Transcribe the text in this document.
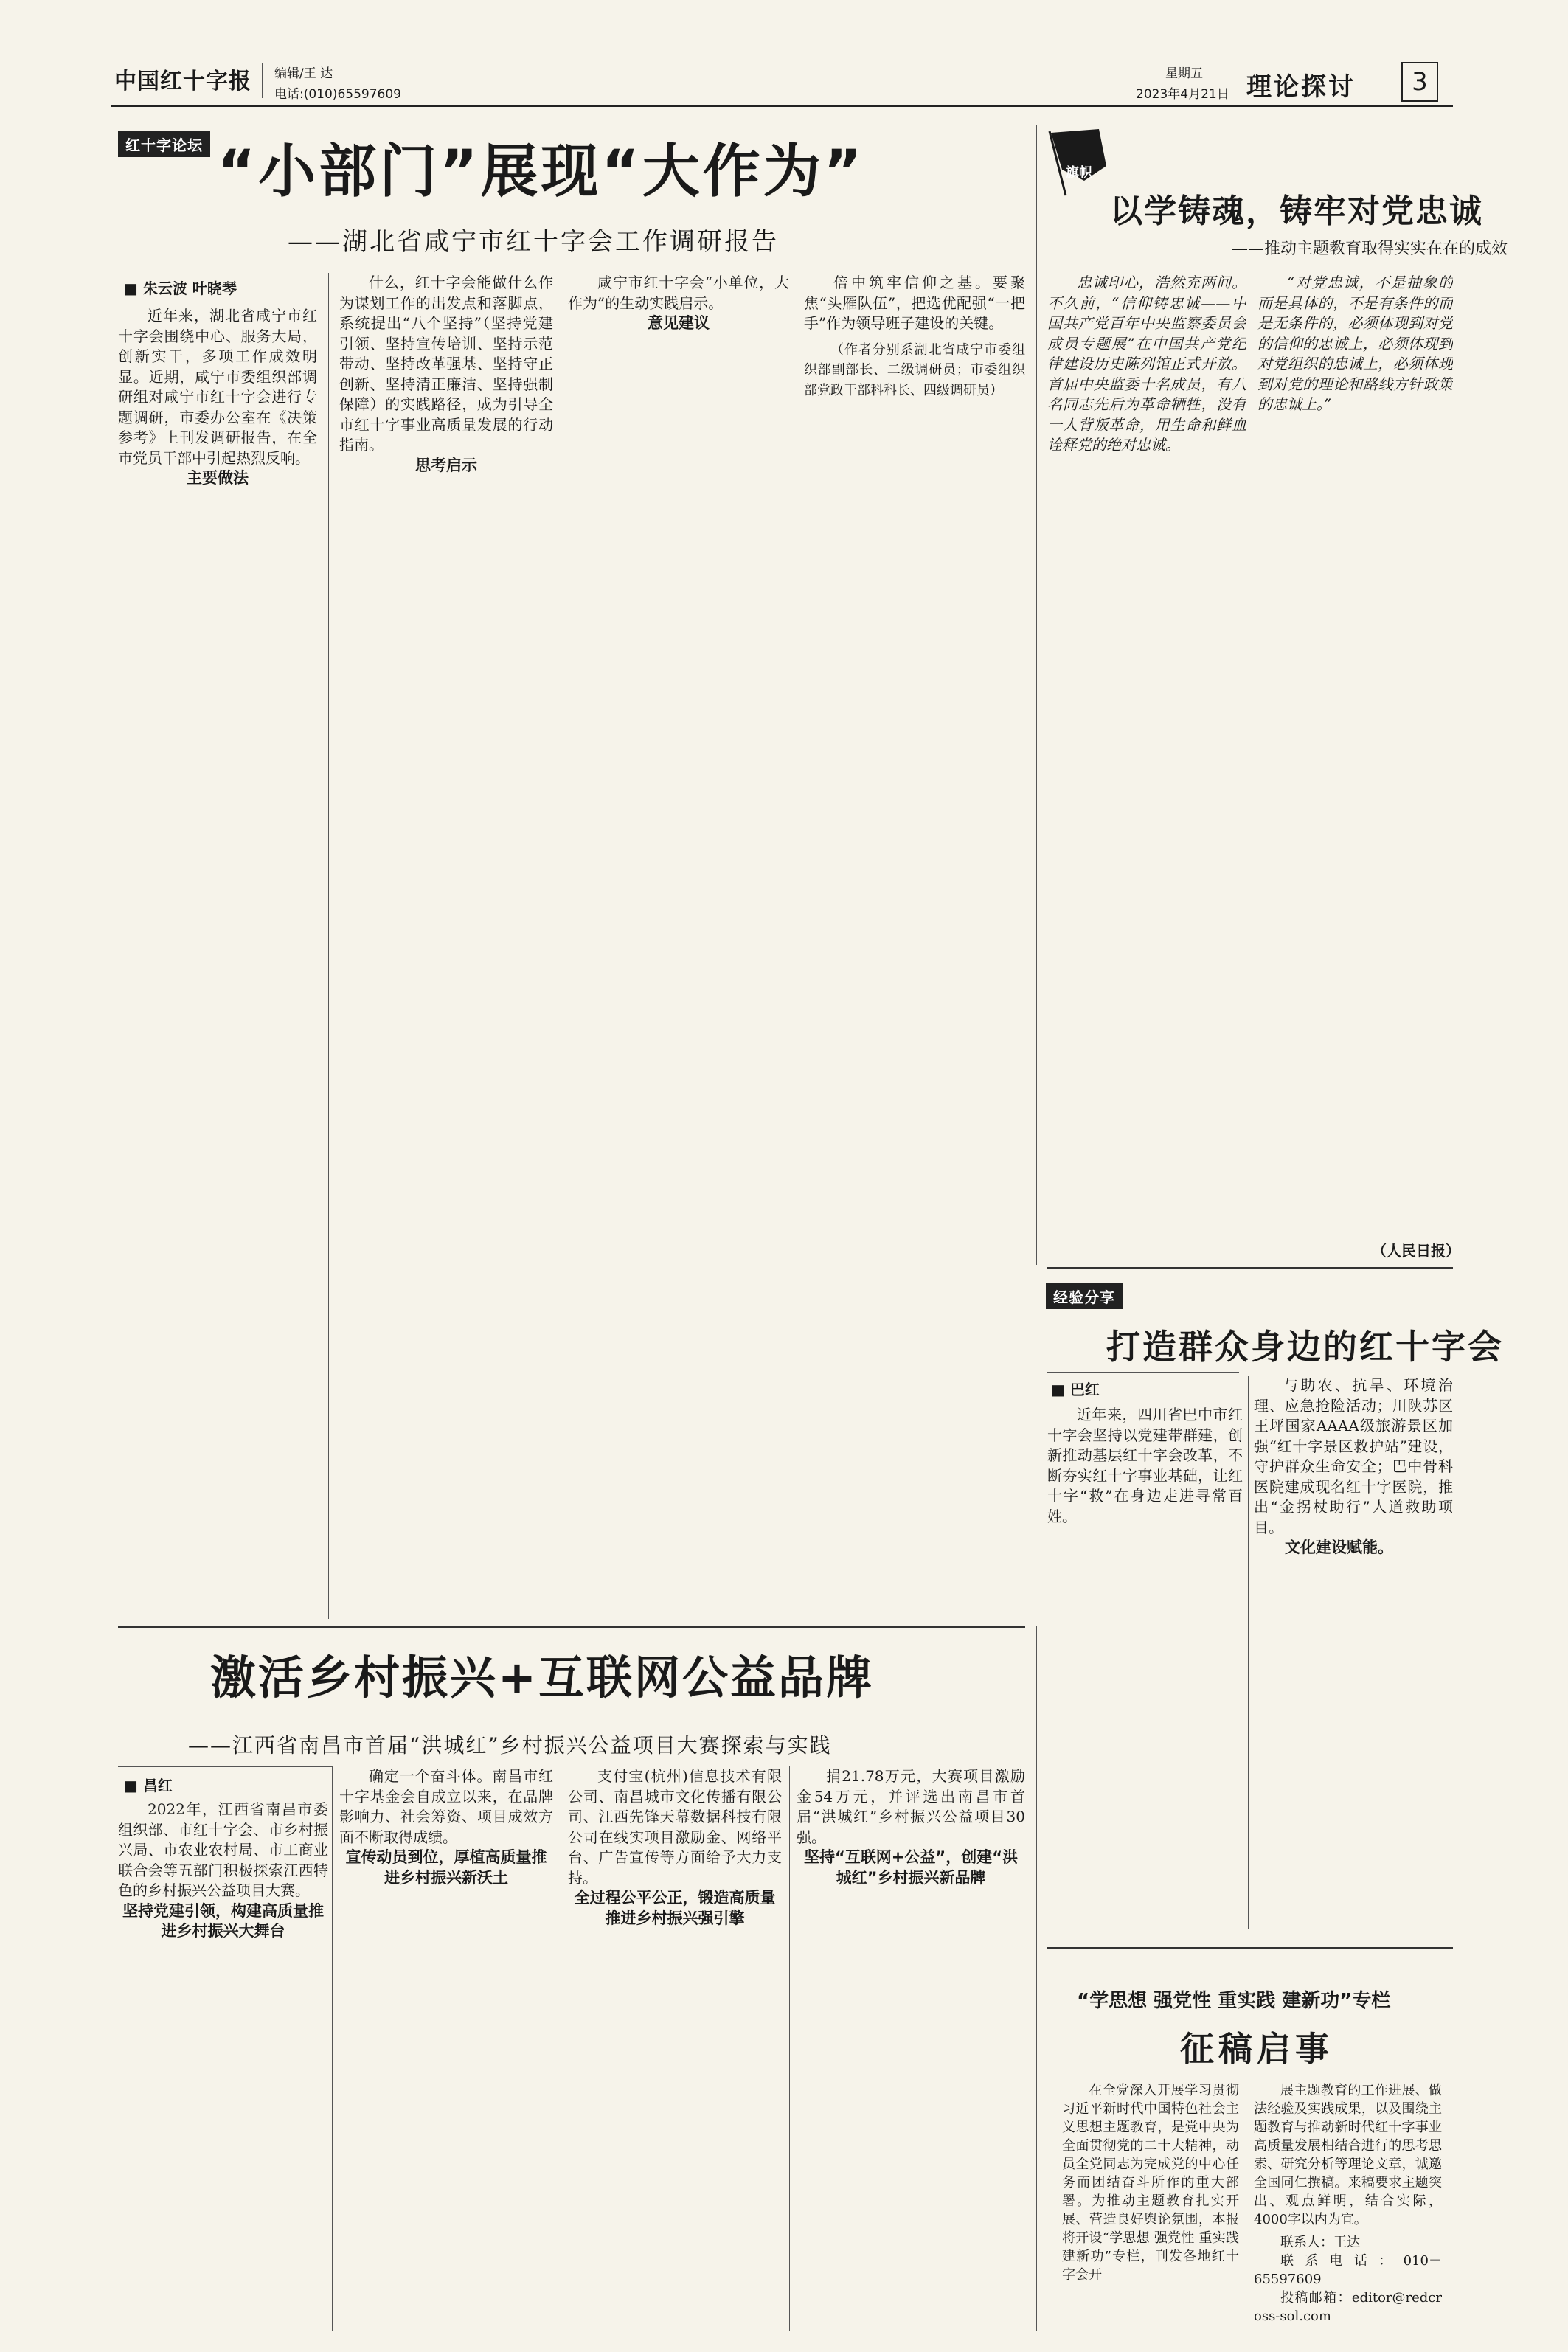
中国红十字报 编辑/王 达
电话:(010)65597609
星期五
2023年4月21日 理论探讨	3
红十字论坛 “小部门”展现“大作为”
——湖北省咸宁市红十字会工作调研报告
■ 朱云波 叶晓琴

近年来，湖北省咸宁市红十字会围绕中心、服务大局，创新实干，多项工作成效明显。近期，咸宁市委组织部调研组对咸宁市红十字会进行专题调研，市委办公室在《决策参考》上刊发调研报告，在全市党员干部中引起热烈反响。

主要做法

什么，红十字会能做什么作为谋划工作的出发点和落脚点，系统提出“八个坚持”（坚持党建引领、坚持宣传培训、坚持示范带动、坚持改革强基、坚持守正创新、坚持清正廉洁、坚持强制保障）的实践路径，成为引导全市红十字事业高质量发展的行动指南。

思考启示

咸宁市红十字会“小单位，大作为”的生动实践启示。

意见建议

倍中筑牢信仰之基。要聚焦“头雁队伍”，把选优配强“一把手”作为领导班子建设的关键。

（作者分别系湖北省咸宁市委组织部副部长、二级调研员；市委组织部党政干部科科长、四级调研员）

旗帜
以学铸魂，铸牢对党忠诚
——推动主题教育取得实实在在的成效

忠诚印心，浩然充两间。不久前，“信仰铸忠诚——中国共产党百年中央监察委员会成员专题展”在中国共产党纪律建设历史陈列馆正式开放。首届中央监委十名成员，有八名同志先后为革命牺牲，没有一人背叛革命，用生命和鲜血诠释党的绝对忠诚。

“对党忠诚，不是抽象的而是具体的，不是有条件的而是无条件的，必须体现到对党的信仰的忠诚上，必须体现到对党组织的忠诚上，必须体现到对党的理论和路线方针政策的忠诚上。”

（人民日报）
经验分享
打造群众身边的红十字会
■ 巴红

近年来，四川省巴中市红十字会坚持以党建带群建，创新推动基层红十字会改革，不断夯实红十字事业基础，让红十字“救”在身边走进寻常百姓。

与助农、抗旱、环境治理、应急抢险活动；川陕苏区王坪国家AAAA级旅游景区加强“红十字景区救护站”建设，守护群众生命安全；巴中骨科医院建成现名红十字医院，推出“金拐杖助行”人道救助项目。

文化建设赋能。

激活乡村振兴+互联网公益品牌
——江西省南昌市首届“洪城红”乡村振兴公益项目大赛探索与实践
■ 昌红

2022年，江西省南昌市委组织部、市红十字会、市乡村振兴局、市农业农村局、市工商业联合会等五部门积极探索江西特色的乡村振兴公益项目大赛。

坚持党建引领，构建高质量推进乡村振兴大舞台

确定一个奋斗体。南昌市红十字基金会自成立以来，在品牌影响力、社会筹资、项目成效方面不断取得成绩。

宣传动员到位，厚植高质量推进乡村振兴新沃土

支付宝(杭州)信息技术有限公司、南昌城市文化传播有限公司、江西先锋天幕数据科技有限公司在线实项目激励金、网络平台、广告宣传等方面给予大力支持。

全过程公平公正，锻造高质量推进乡村振兴强引擎

捐21.78万元，大赛项目激励金54万元，并评选出南昌市首届“洪城红”乡村振兴公益项目30强。

坚持“互联网+公益”，创建“洪城红”乡村振兴新品牌

“学思想 强党性 重实践 建新功”专栏
征稿启事

在全党深入开展学习贯彻习近平新时代中国特色社会主义思想主题教育，是党中央为全面贯彻党的二十大精神，动员全党同志为完成党的中心任务而团结奋斗所作的重大部署。为推动主题教育扎实开展、营造良好舆论氛围，本报将开设“学思想 强党性 重实践 建新功”专栏，刊发各地红十字会开

展主题教育的工作进展、做法经验及实践成果，以及围绕主题教育与推动新时代红十字事业高质量发展相结合进行的思考思索、研究分析等理论文章，诚邀全国同仁撰稿。来稿要求主题突出、观点鲜明，结合实际，4000字以内为宜。

联系人：王达

联系电话：010－65597609

投稿邮箱：editor@redcross-sol.com
